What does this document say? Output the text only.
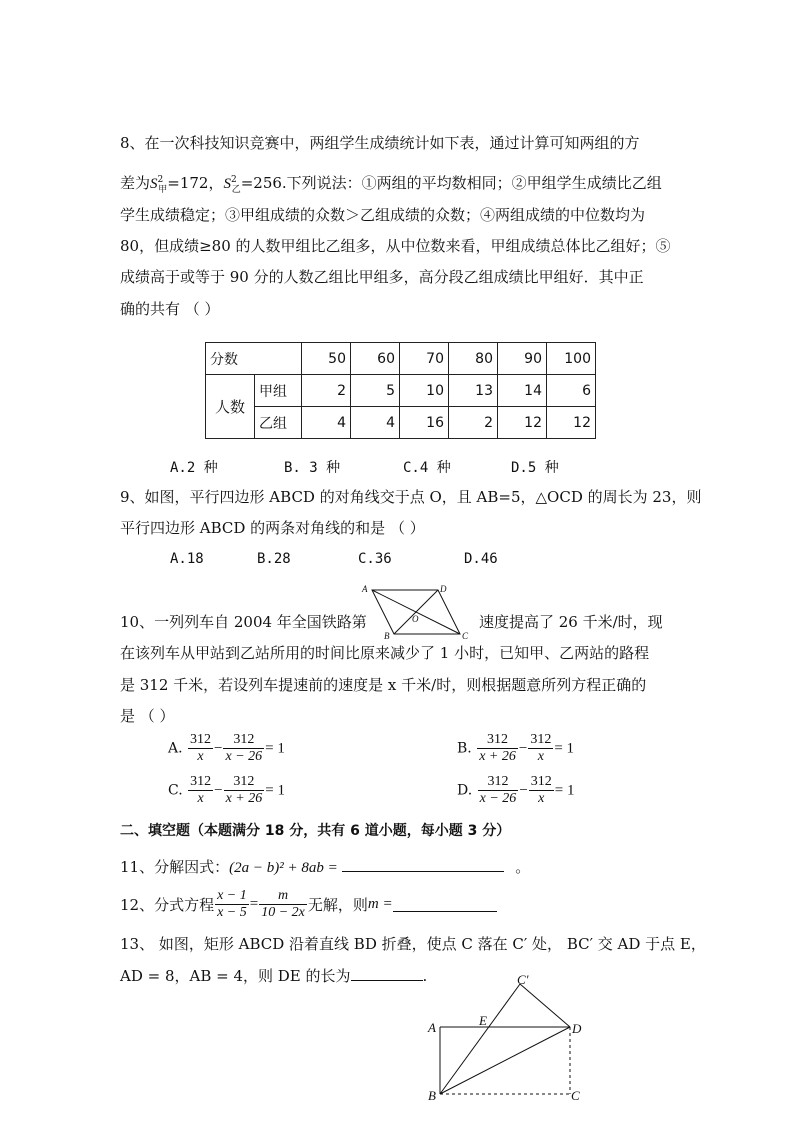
8、在一次科技知识竞赛中，两组学生成绩统计如下表，通过计算可知两组的方
差为$S^2_甲=172$，$S^2_乙=256$.下列说法：①两组的平均数相同；②甲组学生成绩比乙组
学生成绩稳定；③甲组成绩的众数＞乙组成绩的众数；④两组成绩的中位数均为
80，但成绩≥80 的人数甲组比乙组多，从中位数来看，甲组成绩总体比乙组好；⑤
成绩高于或等于 90 分的人数乙组比甲组多，高分段乙组成绩比甲组好．其中正
确的共有 （ ）
分数		50	60	70	80	90	100
人数	甲组	2	5	10	13	14	6
	乙组	4	4	16	2	12	12
A.2 种	B. 3 种	C.4 种	D.5 种
9、如图，平行四边形 ABCD 的对角线交于点 O，且 AB=5，△OCD 的周长为 23，则
平行四边形 ABCD 的两条对角线的和是 （ ）
A.18	B.28	C.36	D.46
A	D
B	C
O
10、一列列车自 2004 年全国铁路第	速度提高了 26 千米/时，现
在该列车从甲站到乙站所用的时间比原来减少了 1 小时，已知甲、乙两站的路程
是 312 千米，若设列车提速前的速度是 x 千米/时，则根据题意所列方程正确的
是 （ ）
A. $\frac{312}{x} - \frac{312}{x - 26} = 1$	B. $\frac{312}{x + 26} - \frac{312}{x} = 1$
C. $\frac{312}{x} - \frac{312}{x + 26} = 1$	D. $\frac{312}{x - 26} - \frac{312}{x} = 1$
二、填空题（本题满分 18 分，共有 6 道小题，每小题 3 分）
11、分解因式：(2a − b)² + 8ab =	。
12、分式方程 $\frac{x - 1}{x - 5} = \frac{m}{10 - 2x}$ 无解，则m =
13、 如图，矩形 ABCD 沿着直线 BD 折叠，使点 C 落在 C′ 处， BC′ 交 AD 于点 E，
AD = 8，AB = 4，则 DE 的长为	.
A
B	C
D
E
C′
